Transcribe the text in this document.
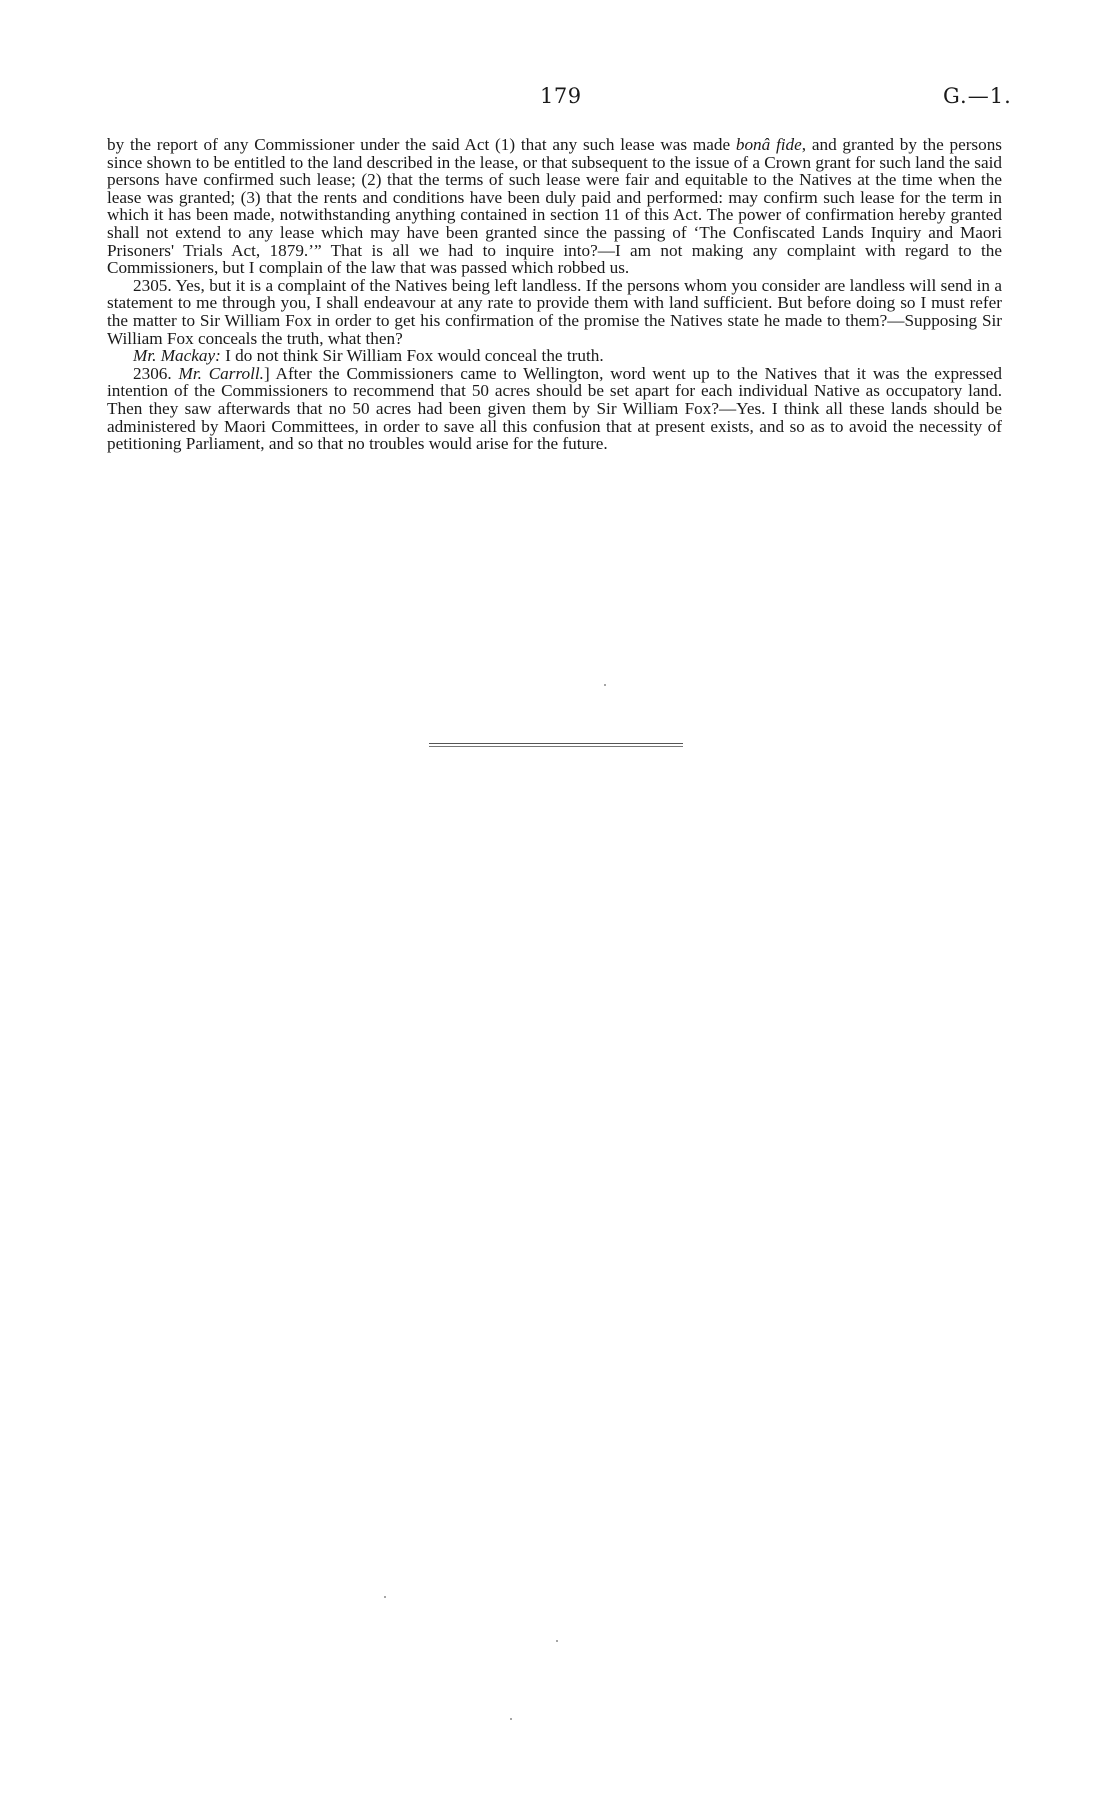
179	G.—1.

by the report of any Commissioner under the said Act (1) that any such lease was made bonâ fide, and granted by the persons since shown to be entitled to the land described in the lease, or that subsequent to the issue of a Crown grant for such land the said persons have confirmed such lease; (2) that the terms of such lease were fair and equitable to the Natives at the time when the lease was granted; (3) that the rents and conditions have been duly paid and performed: may confirm such lease for the term in which it has been made, notwithstanding anything contained in section 11 of this Act. The power of confirmation hereby granted shall not extend to any lease which may have been granted since the passing of ‘The Confiscated Lands Inquiry and Maori Prisoners' Trials Act, 1879.’” That is all we had to inquire into?—I am not making any complaint with regard to the Commissioners, but I complain of the law that was passed which robbed us.

2305. Yes, but it is a complaint of the Natives being left landless. If the persons whom you consider are landless will send in a statement to me through you, I shall endeavour at any rate to provide them with land sufficient. But before doing so I must refer the matter to Sir William Fox in order to get his confirmation of the promise the Natives state he made to them?—Supposing Sir William Fox conceals the truth, what then?

Mr. Mackay: I do not think Sir William Fox would conceal the truth.

2306. Mr. Carroll.] After the Commissioners came to Wellington, word went up to the Natives that it was the expressed intention of the Commissioners to recommend that 50 acres should be set apart for each individual Native as occupatory land. Then they saw afterwards that no 50 acres had been given them by Sir William Fox?—Yes. I think all these lands should be administered by Maori Committees, in order to save all this confusion that at present exists, and so as to avoid the necessity of petitioning Parliament, and so that no troubles would arise for the future.
